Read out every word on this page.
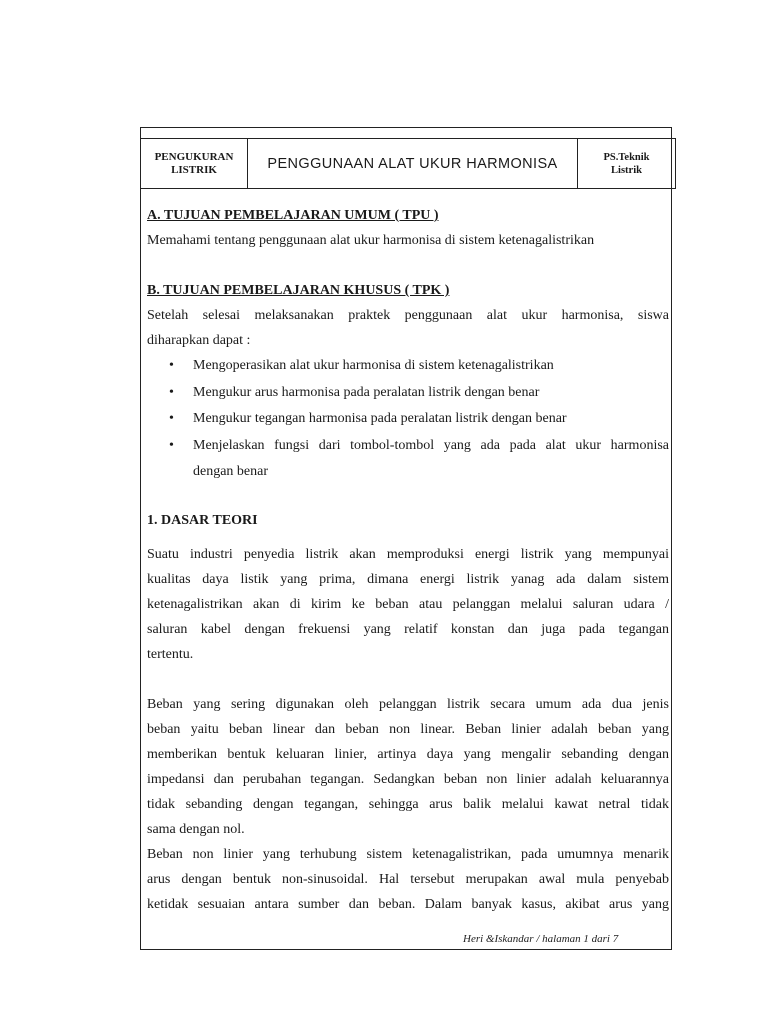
PENGUKURAN
LISTRIK	PENGGUNAAN ALAT UKUR HARMONISA	PS.Teknik
Listrik
A. TUJUAN PEMBELAJARAN UMUM ( TPU )
Memahami tentang penggunaan alat ukur harmonisa di sistem ketenagalistrikan
B. TUJUAN PEMBELAJARAN KHUSUS ( TPK )
Setelah selesai melaksanakan praktek penggunaan alat ukur harmonisa, siswa
diharapkan dapat :
• Mengoperasikan alat ukur harmonisa di sistem ketenagalistrikan
• Mengukur arus harmonisa pada peralatan listrik dengan benar
• Mengukur tegangan harmonisa pada peralatan listrik dengan benar
• Menjelaskan fungsi dari tombol-tombol yang ada pada alat ukur harmonisa
dengan benar
1. DASAR TEORI
Suatu industri penyedia listrik akan memproduksi energi listrik yang mempunyai
kualitas daya listik yang prima, dimana energi listrik yanag ada dalam sistem
ketenagalistrikan akan di kirim ke beban atau pelanggan melalui saluran udara /
saluran kabel dengan frekuensi yang relatif konstan dan juga pada tegangan
tertentu.
Beban yang sering digunakan oleh pelanggan listrik secara umum ada dua jenis
beban yaitu beban linear dan beban non linear. Beban linier adalah beban yang
memberikan bentuk keluaran linier, artinya daya yang mengalir sebanding dengan
impedansi dan perubahan tegangan. Sedangkan beban non linier adalah keluarannya
tidak sebanding dengan tegangan, sehingga arus balik melalui kawat netral tidak
sama dengan nol.
Beban non linier yang terhubung sistem ketenagalistrikan, pada umumnya menarik
arus dengan bentuk non-sinusoidal. Hal tersebut merupakan awal mula penyebab
ketidak sesuaian antara sumber dan beban. Dalam banyak kasus, akibat arus yang
Heri &Iskandar / halaman 1 dari 7
